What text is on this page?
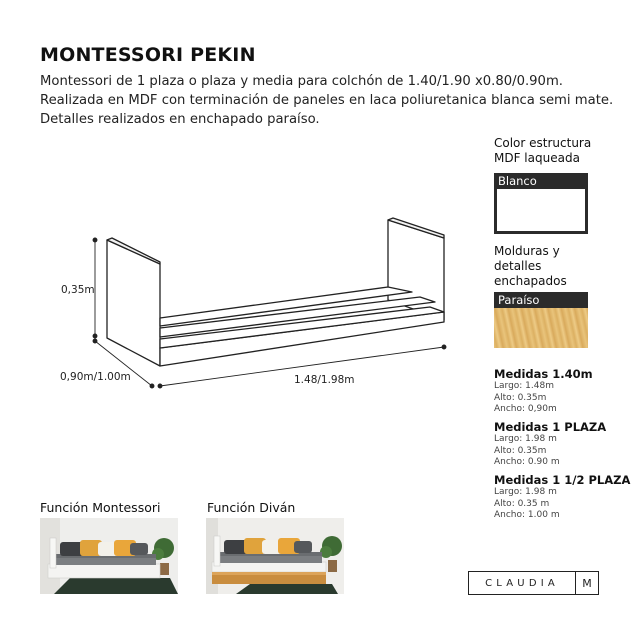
MONTESSORI PEKIN
Montessori de 1 plaza o plaza y media para colchón de 1.40/1.90 x0.80/0.90m.
Realizada en MDF con terminación de paneles en laca poliuretanica blanca semi mate.
Detalles realizados en enchapado paraíso.
0,35m
0,90m/1.00m	1.48/1.98m
Color estructura MDF laqueada
Blanco
Molduras y detalles enchapados
Paraíso
Medidas 1.40m
Largo: 1.48m
Alto: 0.35m
Ancho: 0,90m
Medidas 1 PLAZA
Largo: 1.98 m
Alto: 0.35m
Ancho: 0.90 m
Medidas 1 1/2 PLAZA
Largo: 1.98 m
Alto: 0.35 m
Ancho: 1.00 m
Función Montessori	Función Diván
CLAUDIA	M
